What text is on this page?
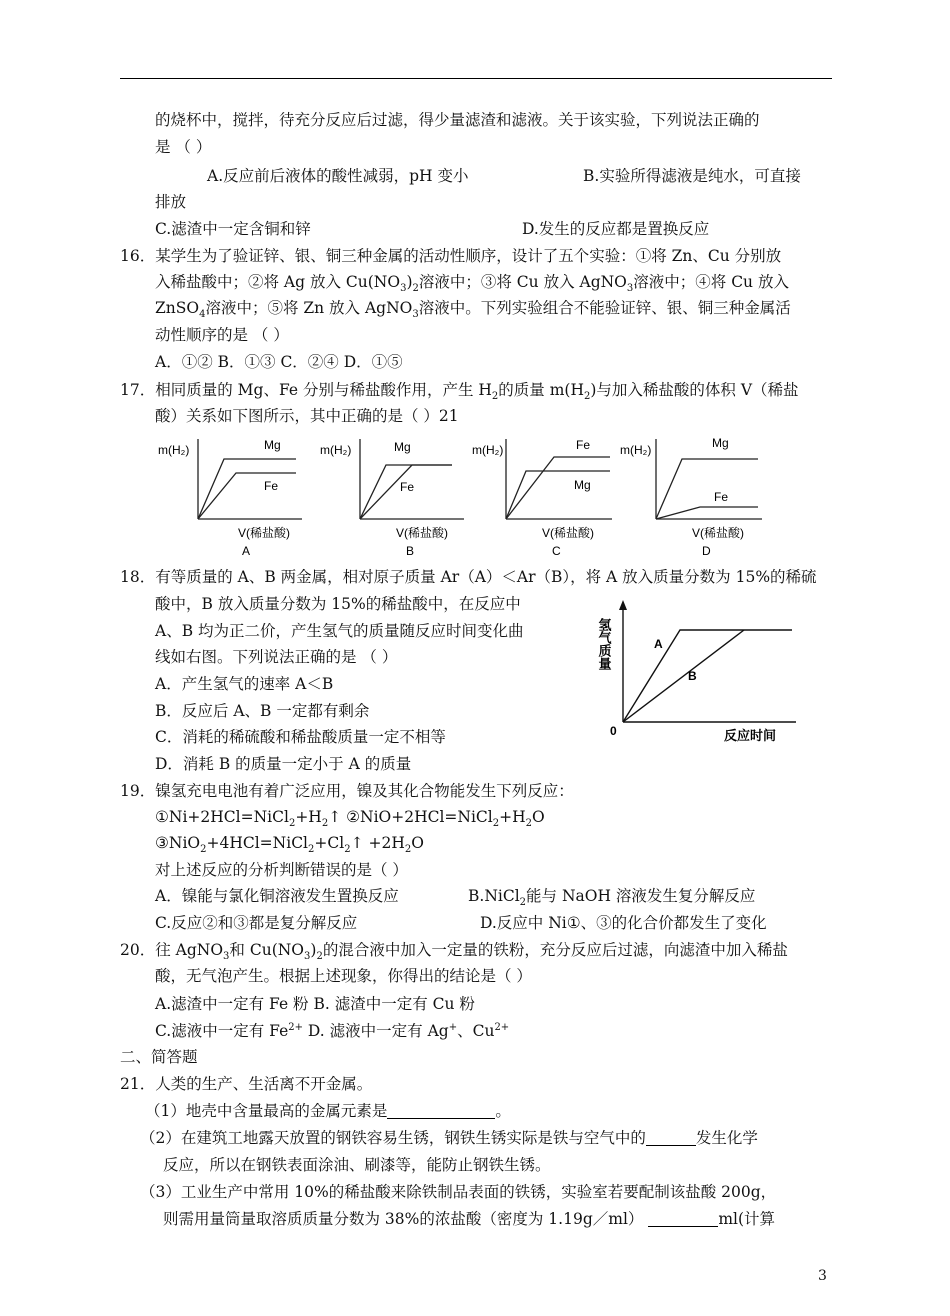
的烧杯中，搅拌，待充分反应后过滤，得少量滤渣和滤液。关于该实验，下列说法正确的
是 （ ）
A.反应前后液体的酸性减弱，pH 变小	B.实验所得滤液是纯水，可直接
排放
C.滤渣中一定含铜和锌	D.发生的反应都是置换反应
16．某学生为了验证锌、银、铜三种金属的活动性顺序，设计了五个实验：①将 Zn、Cu 分别放
入稀盐酸中；②将 Ag 放入 $Cu(NO_3)_2$溶液中；③将 Cu 放入 AgNO$_3$溶液中；④将 Cu 放入
ZnSO$_4$溶液中；⑤将 Zn 放入 AgNO$_3$溶液中。下列实验组合不能验证锌、银、铜三种金属活
动性顺序的是 （ ）
A．①② B．①③ C．②④ D．①⑤
17．相同质量的 Mg、Fe 分别与稀盐酸作用，产生 $H_2$的质量 $m(H_2)$与加入稀盐酸的体积 V（稀盐
酸）关系如下图所示，其中正确的是（ ）21
m(H₂)	Mg
Fe
V(稀盐酸)
A
m(H₂)	Mg
Fe
V(稀盐酸)
B
m(H₂)	Fe
Mg
V(稀盐酸)
C
m(H₂)	Mg
Fe
V(稀盐酸)
D
18．有等质量的 A、B 两金属，相对原子质量 Ar（A）＜Ar（B），将 A 放入质量分数为 15%的稀硫
酸中，B 放入质量分数为 15%的稀盐酸中，在反应中
A、B 均为正二价，产生氢气的质量随反应时间变化曲
线如右图。下列说法正确的是 （ ）
A．产生氢气的速率 A＜B
B．反应后 A、B 一定都有剩余
C．消耗的稀硫酸和稀盐酸质量一定不相等
D．消耗 B 的质量一定小于 A 的质量
氢气质量	A
B
0	反应时间
19．镍氢充电电池有着广泛应用，镍及其化合物能发生下列反应：
$①Ni+2HCl=NiCl_2+H_2↑$ $②NiO+2HCl=NiCl_2+H_2O$
$③NiO_2+4HCl=NiCl_2+Cl_2↑ +2H_2O$
对上述反应的分析判断错误的是（ ）
A．镍能与氯化铜溶液发生置换反应	B.NiCl$_2$能与 NaOH 溶液发生复分解反应
C.反应②和③都是复分解反应	D.反应中 Ni①、③的化合价都发生了变化
20．往 AgNO$_3$和 $Cu(NO_3)_2$的混合液中加入一定量的铁粉，充分反应后过滤，向滤渣中加入稀盐
酸，无气泡产生。根据上述现象，你得出的结论是（ ）
A.滤渣中一定有 Fe 粉 B. 滤渣中一定有 Cu 粉
C.滤液中一定有 $Fe^{2+}$ D. 滤液中一定有 Ag+、$Cu^{2+}$
二、简答题
21．人类的生产、生活离不开金属。
（1）地壳中含量最高的金属元素是	。
（2）在建筑工地露天放置的钢铁容易生锈，钢铁生锈实际是铁与空气中的	发生化学
反应，所以在钢铁表面涂油、刷漆等，能防止钢铁生锈。
（3）工业生产中常用 10%的稀盐酸来除铁制品表面的铁锈，实验室若要配制该盐酸 200g，
则需用量筒量取溶质质量分数为 38%的浓盐酸（密度为 1.19g／ml）	ml(计算
3
